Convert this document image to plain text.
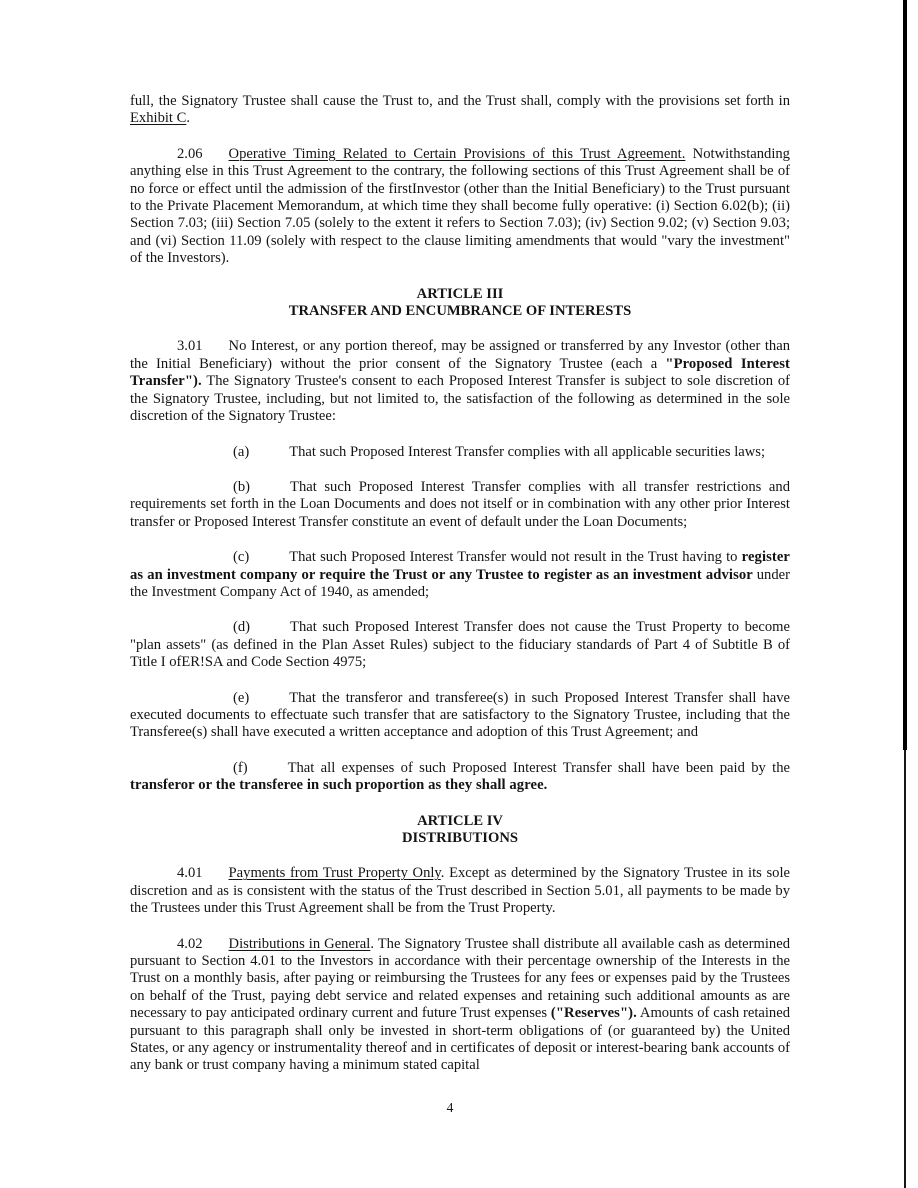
full, the Signatory Trustee shall cause the Trust to, and the Trust shall, comply with the provisions set forth in Exhibit C.

2.06 Operative Timing Related to Certain Provisions of this Trust Agreement. Notwithstanding anything else in this Trust Agreement to the contrary, the following sections of this Trust Agreement shall be of no force or effect until the admission of the firstInvestor (other than the Initial Beneficiary) to the Trust pursuant to the Private Placement Memorandum, at which time they shall become fully operative: (i) Section 6.02(b); (ii) Section 7.03; (iii) Section 7.05 (solely to the extent it refers to Section 7.03); (iv) Section 9.02; (v) Section 9.03; and (vi) Section 11.09 (solely with respect to the clause limiting amendments that would "vary the investment" of the Investors).

ARTICLE III
TRANSFER AND ENCUMBRANCE OF INTERESTS

3.01 No Interest, or any portion thereof, may be assigned or transferred by any Investor (other than the Initial Beneficiary) without the prior consent of the Signatory Trustee (each a "Proposed Interest Transfer"). The Signatory Trustee's consent to each Proposed Interest Transfer is subject to sole discretion of the Signatory Trustee, including, but not limited to, the satisfaction of the following as determined in the sole discretion of the Signatory Trustee:

(a)	That such Proposed Interest Transfer complies with all applicable securities laws;

(b)	That such Proposed Interest Transfer complies with all transfer restrictions and requirements set forth in the Loan Documents and does not itself or in combination with any other prior Interest transfer or Proposed Interest Transfer constitute an event of default under the Loan Documents;

(c)	That such Proposed Interest Transfer would not result in the Trust having to register as an investment company or require the Trust or any Trustee to register as an investment advisor under the Investment Company Act of 1940, as amended;

(d)	That such Proposed Interest Transfer does not cause the Trust Property to become "plan assets" (as defined in the Plan Asset Rules) subject to the fiduciary standards of Part 4 of Subtitle B of Title I ofER!SA and Code Section 4975;

(e)	That the transferor and transferee(s) in such Proposed Interest Transfer shall have executed documents to effectuate such transfer that are satisfactory to the Signatory Trustee, including that the Transferee(s) shall have executed a written acceptance and adoption of this Trust Agreement; and

(f)	That all expenses of such Proposed Interest Transfer shall have been paid by the transferor or the transferee in such proportion as they shall agree.

ARTICLE IV
DISTRIBUTIONS

4.01 Payments from Trust Property Only. Except as determined by the Signatory Trustee in its sole discretion and as is consistent with the status of the Trust described in Section 5.01, all payments to be made by the Trustees under this Trust Agreement shall be from the Trust Property.

4.02 Distributions in General. The Signatory Trustee shall distribute all available cash as determined pursuant to Section 4.01 to the Investors in accordance with their percentage ownership of the Interests in the Trust on a monthly basis, after paying or reimbursing the Trustees for any fees or expenses paid by the Trustees on behalf of the Trust, paying debt service and related expenses and retaining such additional amounts as are necessary to pay anticipated ordinary current and future Trust expenses ("Reserves"). Amounts of cash retained pursuant to this paragraph shall only be invested in short-term obligations of (or guaranteed by) the United States, or any agency or instrumentality thereof and in certificates of deposit or interest-bearing bank accounts of any bank or trust company having a minimum stated capital

4
